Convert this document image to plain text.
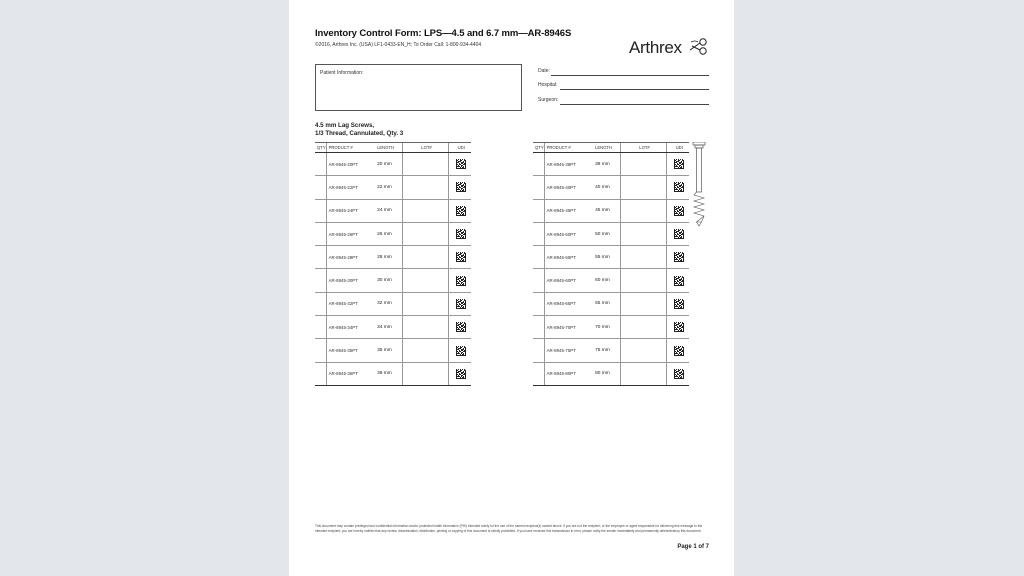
Inventory Control Form: LPS—4.5 and 6.7 mm—AR-8946S
©2016, Arthrex Inc. (USA) LF1-0433-EN_H; To Order Call: 1-800-934-4404	Arthrex
Patient Information:	Date:
Hospital:
Surgeon:
4.5 mm Lag Screws,
1/3 Thread, Cannulated, Qty. 3
QTY	PRODUCT #	LENGTH	LOT#	UDI
	AR-8945-20PT	20 mm		

	AR-8945-22PT	22 mm		

	AR-8945-24PT	24 mm		

	AR-8945-26PT	26 mm		

	AR-8945-28PT	28 mm		

	AR-8945-30PT	30 mm		

	AR-8945-32PT	32 mm		

	AR-8945-34PT	34 mm		

	AR-8945-35PT	35 mm		

	AR-8945-36PT	36 mm		
QTY	PRODUCT #	LENGTH	LOT#	UDI
	AR-8945-38PT	38 mm		

	AR-8945-40PT	40 mm		

	AR-8945-45PT	45 mm		

	AR-8945-50PT	50 mm		

	AR-8945-55PT	55 mm		

	AR-8945-60PT	60 mm		

	AR-8945-65PT	65 mm		

	AR-8945-70PT	70 mm		

	AR-8945-75PT	75 mm		

	AR-8945-80PT	80 mm		
This document may contain privileged and confidential information and/or protected health information (PHI) intended solely for the use of the named recipient(s) named above. If you are not the recipient, or the employee or agent responsible for delivering this message to the intended recipient, you are hereby notified that any review, dissemination, distribution, printing or copying of this document is strictly prohibited. If you have received this transmission in error, please notify the sender immediately and permanently delete/destroy this document.
Page 1 of 7
